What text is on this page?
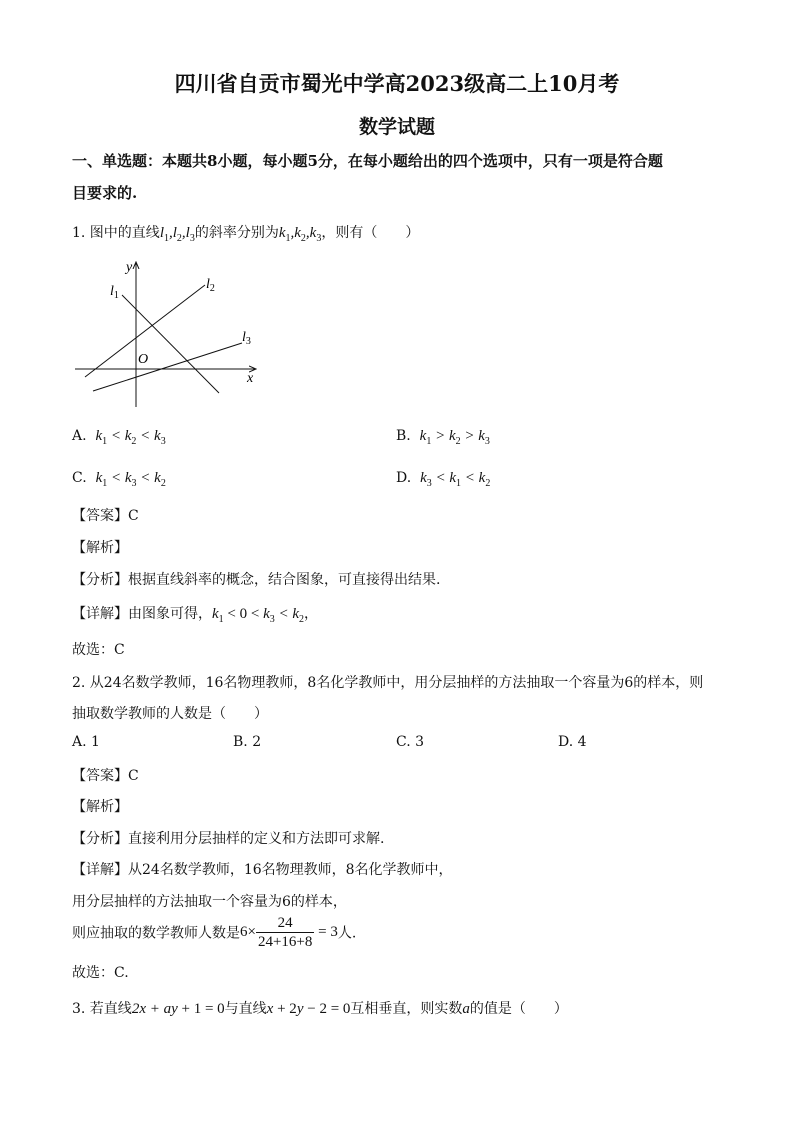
四川省自贡市蜀光中学高2023级高二上10月考
数学试题
一、单选题：本题共8小题，每小题5分，在每小题给出的四个选项中，只有一项是符合题
目要求的.
1. 图中的直线$l_1,l_2,l_3$的斜率分别为$k_1,k_2,k_3$，则有（　　）
y
x
O
$l_1$
$l_2$
$l_3$
A. $k_1 < k_2 < k_3$	B. $k_1 > k_2 > k_3$
C. $k_1 < k_3 < k_2$	D. $k_3 < k_1 < k_2$
【答案】C
【解析】
【分析】根据直线斜率的概念，结合图象，可直接得出结果.
【详解】由图象可得，$k_1 < 0 < k_3 < k_2$，
故选：C
2. 从24名数学教师，16名物理教师，8名化学教师中，用分层抽样的方法抽取一个容量为6的样本，则
抽取数学教师的人数是（　　）
A. 1	B. 2	C. 3	D. 4
【答案】C
【解析】
【分析】直接利用分层抽样的定义和方法即可求解.
【详解】从24名数学教师，16名物理教师，8名化学教师中，
用分层抽样的方法抽取一个容量为6的样本，
则应抽取的数学教师人数是$6\times \frac{24}{24+16+8} = 3$人.
故选：C.
3. 若直线2x + ay + 1 = 0与直线x + 2y − 2 = 0互相垂直，则实数a的值是（　　）
